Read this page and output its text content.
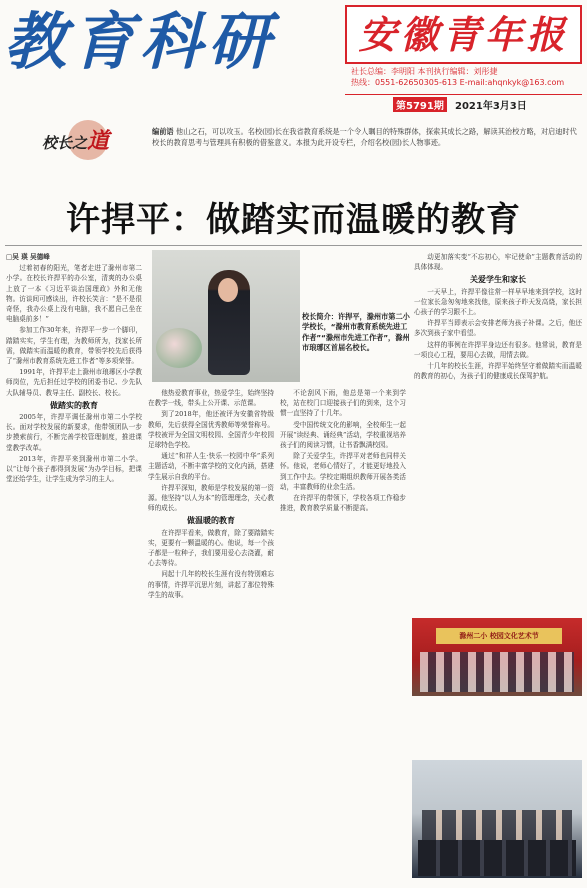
教育科研	安徽青年报
社长总编：李明阳 本刊执行编辑：刘彤捷
热线：0551-62650305-613 E-mail:ahqnkyk@163.com
第5791期	2021年3月3日
校长之道	编前语 他山之石，可以攻玉。名校(园)长在我省教育系统是一个令人瞩目的特殊群体，探索其成长之路，解读其治校方略，对启迪时代校长的教育思考与管理具有积极的借鉴意义。本报为此开设专栏，介绍名校(园)长人物事迹。
许捍平：做踏实而温暖的教育

□吴 瑛 吴德峰

过着初春的阳光，笔者走进了滁州市第二小学。在校长许捍平的办公室，清爽的办公桌上放了一本《习近平谈治国理政》外和无他物。访谈间可感谈出，许校长笑言：“是不是很奇怪，我办公桌上没有电脑，我不愿自己坐在电脑桌前多！”

参加工作30年来，许捍平一步一个脚印，踏踏实实，学生有理，为教师所为，找家长所需，做踏实而温暖的教育，带领学校先后获得了“滁州市教育系统先进工作者”等多项荣誉。

1991年，许捍平走上滁州市琅琊区小学教师岗位，先后担任过学校的团委书记、少先队大队辅导员、教导主任、副校长、校长。

做踏实的教育

2005年，许捍平调任滁州市第二小学校长。面对学校发展的新要求，他带领团队一步步摸索前行，不断完善学校管理制度，推进课堂教学改革。

2013年，许捍平来到滁州市第二小学。以“让每个孩子都得到发展”为办学目标，把课堂还给学生，让学生成为学习的主人。

校长简介：许捍平，滁州市第二小学校长，“滁州市教育系统先进工作者”“滁州市先进工作者”，滁州市琅琊区首届名校长。

他热爱教育事业，热爱学生，始终坚持在教学一线，带头上公开课、示范课。

到了2018年，他还被评为安徽省特级教师，先后获得全国优秀教师等荣誉称号。学校被评为全国文明校园、全国青少年校园足球特色学校。

通过“和祥人生·快乐一校园中华”系列主题活动，不断丰富学校的文化内涵，搭建学生展示自我的平台。

许捍平深知，教师是学校发展的第一资源。他坚持“以人为本”的管理理念，关心教师的成长。

做温暖的教育

在许捍平看来，做教育，除了要踏踏实实，更要有一颗温暖的心。他说，每一个孩子都是一粒种子，我们要用爱心去浇灌，耐心去等待。

问起十几年的校长生涯有没有特别难忘的事情，许捍平沉思片刻，讲起了那位特殊学生的故事。

不论刮风下雨，他总是第一个来到学校，站在校门口迎接孩子们的到来，这个习惯一直坚持了十几年。

受中国传统文化的影响，全校师生一起开展“读经典、诵经典”活动，学校重视培养孩子们的阅读习惯，让书香飘满校园。

除了关爱学生，许捍平对老师也同样关怀。他说，老师心情好了，才能更好地投入到工作中去。学校定期组织教师开展各类活动，丰富教师的业余生活。

在许捍平的带领下，学校各项工作稳步推进，教育教学质量不断提高。

动更加落实变“不忘初心，牢记使命”主题教育活动的具体体现。

关爱学生和家长

一天早上，许捍平像往常一样早早地来到学校，这时一位家长急匆匆地来找他，原来孩子昨天发高烧，家长担心孩子的学习跟不上。

许捍平当即表示会安排老师为孩子补课。之后，他还多次到孩子家中看望。

这样的事例在许捍平身边还有很多。他常说，教育是一项良心工程，要用心去做，用情去做。

十几年的校长生涯，许捍平始终坚守着做踏实而温暖的教育的初心，为孩子们的健康成长保驾护航。

滁州二小 校园文化艺术节
